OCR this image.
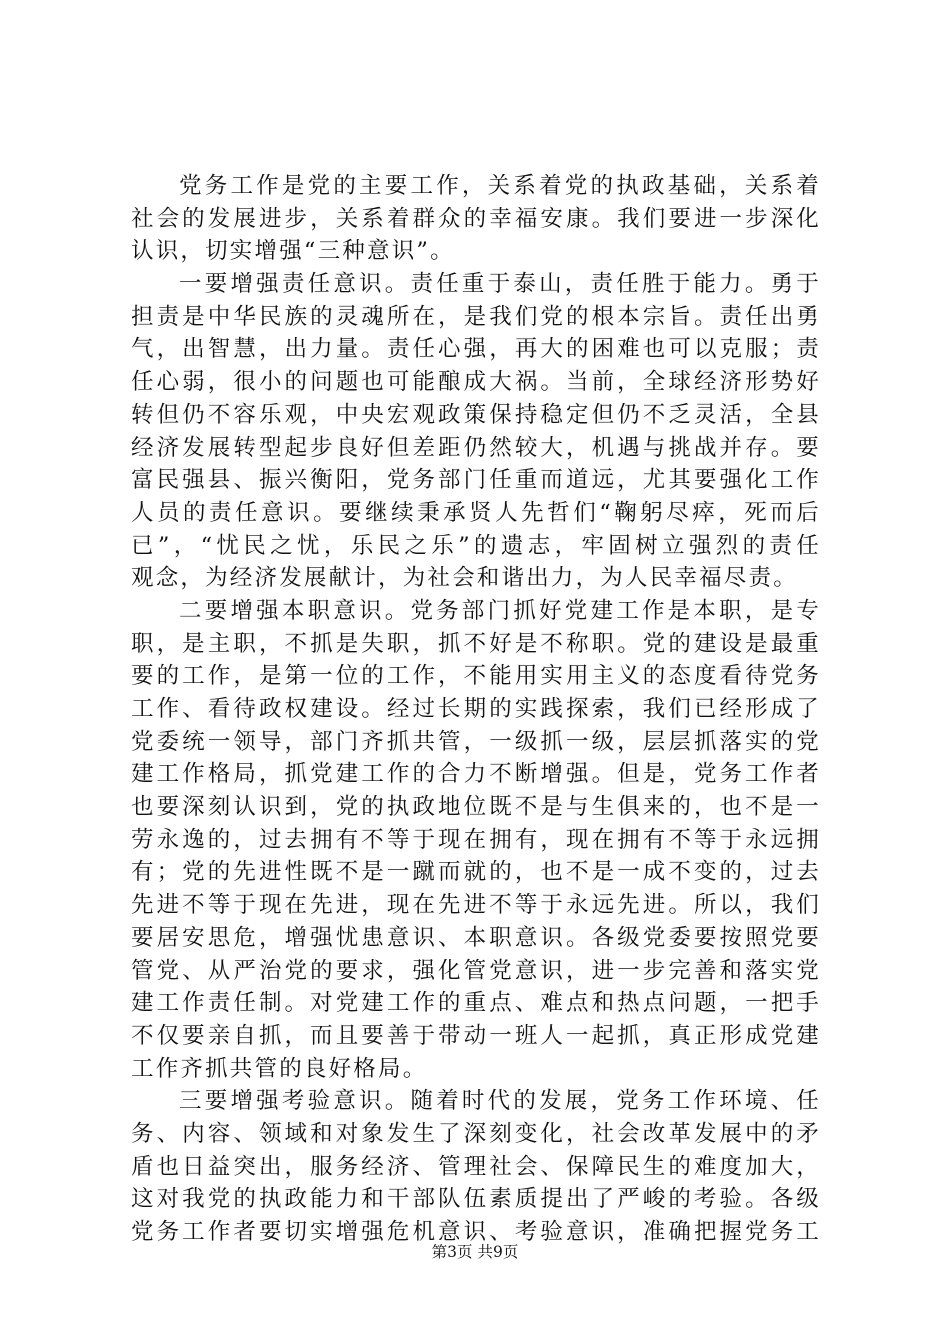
党务工作是党的主要工作，关系着党的执政基础，关系着
社会的发展进步，关系着群众的幸福安康。我们要进一步深化
认识，切实增强“三种意识”。
一要增强责任意识。责任重于泰山，责任胜于能力。勇于
担责是中华民族的灵魂所在，是我们党的根本宗旨。责任出勇
气，出智慧，出力量。责任心强，再大的困难也可以克服；责
任心弱，很小的问题也可能酿成大祸。当前，全球经济形势好
转但仍不容乐观，中央宏观政策保持稳定但仍不乏灵活，全县
经济发展转型起步良好但差距仍然较大，机遇与挑战并存。要
富民强县、振兴衡阳，党务部门任重而道远，尤其要强化工作
人员的责任意识。要继续秉承贤人先哲们“鞠躬尽瘁，死而后
已”，“忧民之忧，乐民之乐”的遗志，牢固树立强烈的责任
观念，为经济发展献计，为社会和谐出力，为人民幸福尽责。
二要增强本职意识。党务部门抓好党建工作是本职，是专
职，是主职，不抓是失职，抓不好是不称职。党的建设是最重
要的工作，是第一位的工作，不能用实用主义的态度看待党务
工作、看待政权建设。经过长期的实践探索，我们已经形成了
党委统一领导，部门齐抓共管，一级抓一级，层层抓落实的党
建工作格局，抓党建工作的合力不断增强。但是，党务工作者
也要深刻认识到，党的执政地位既不是与生俱来的，也不是一
劳永逸的，过去拥有不等于现在拥有，现在拥有不等于永远拥
有；党的先进性既不是一蹴而就的，也不是一成不变的，过去
先进不等于现在先进，现在先进不等于永远先进。所以，我们
要居安思危，增强忧患意识、本职意识。各级党委要按照党要
管党、从严治党的要求，强化管党意识，进一步完善和落实党
建工作责任制。对党建工作的重点、难点和热点问题，一把手
不仅要亲自抓，而且要善于带动一班人一起抓，真正形成党建
工作齐抓共管的良好格局。
三要增强考验意识。随着时代的发展，党务工作环境、任
务、内容、领域和对象发生了深刻变化，社会改革发展中的矛
盾也日益突出，服务经济、管理社会、保障民生的难度加大，
这对我党的执政能力和干部队伍素质提出了严峻的考验。各级
党务工作者要切实增强危机意识、考验意识，准确把握党务工
第3页 共9页
